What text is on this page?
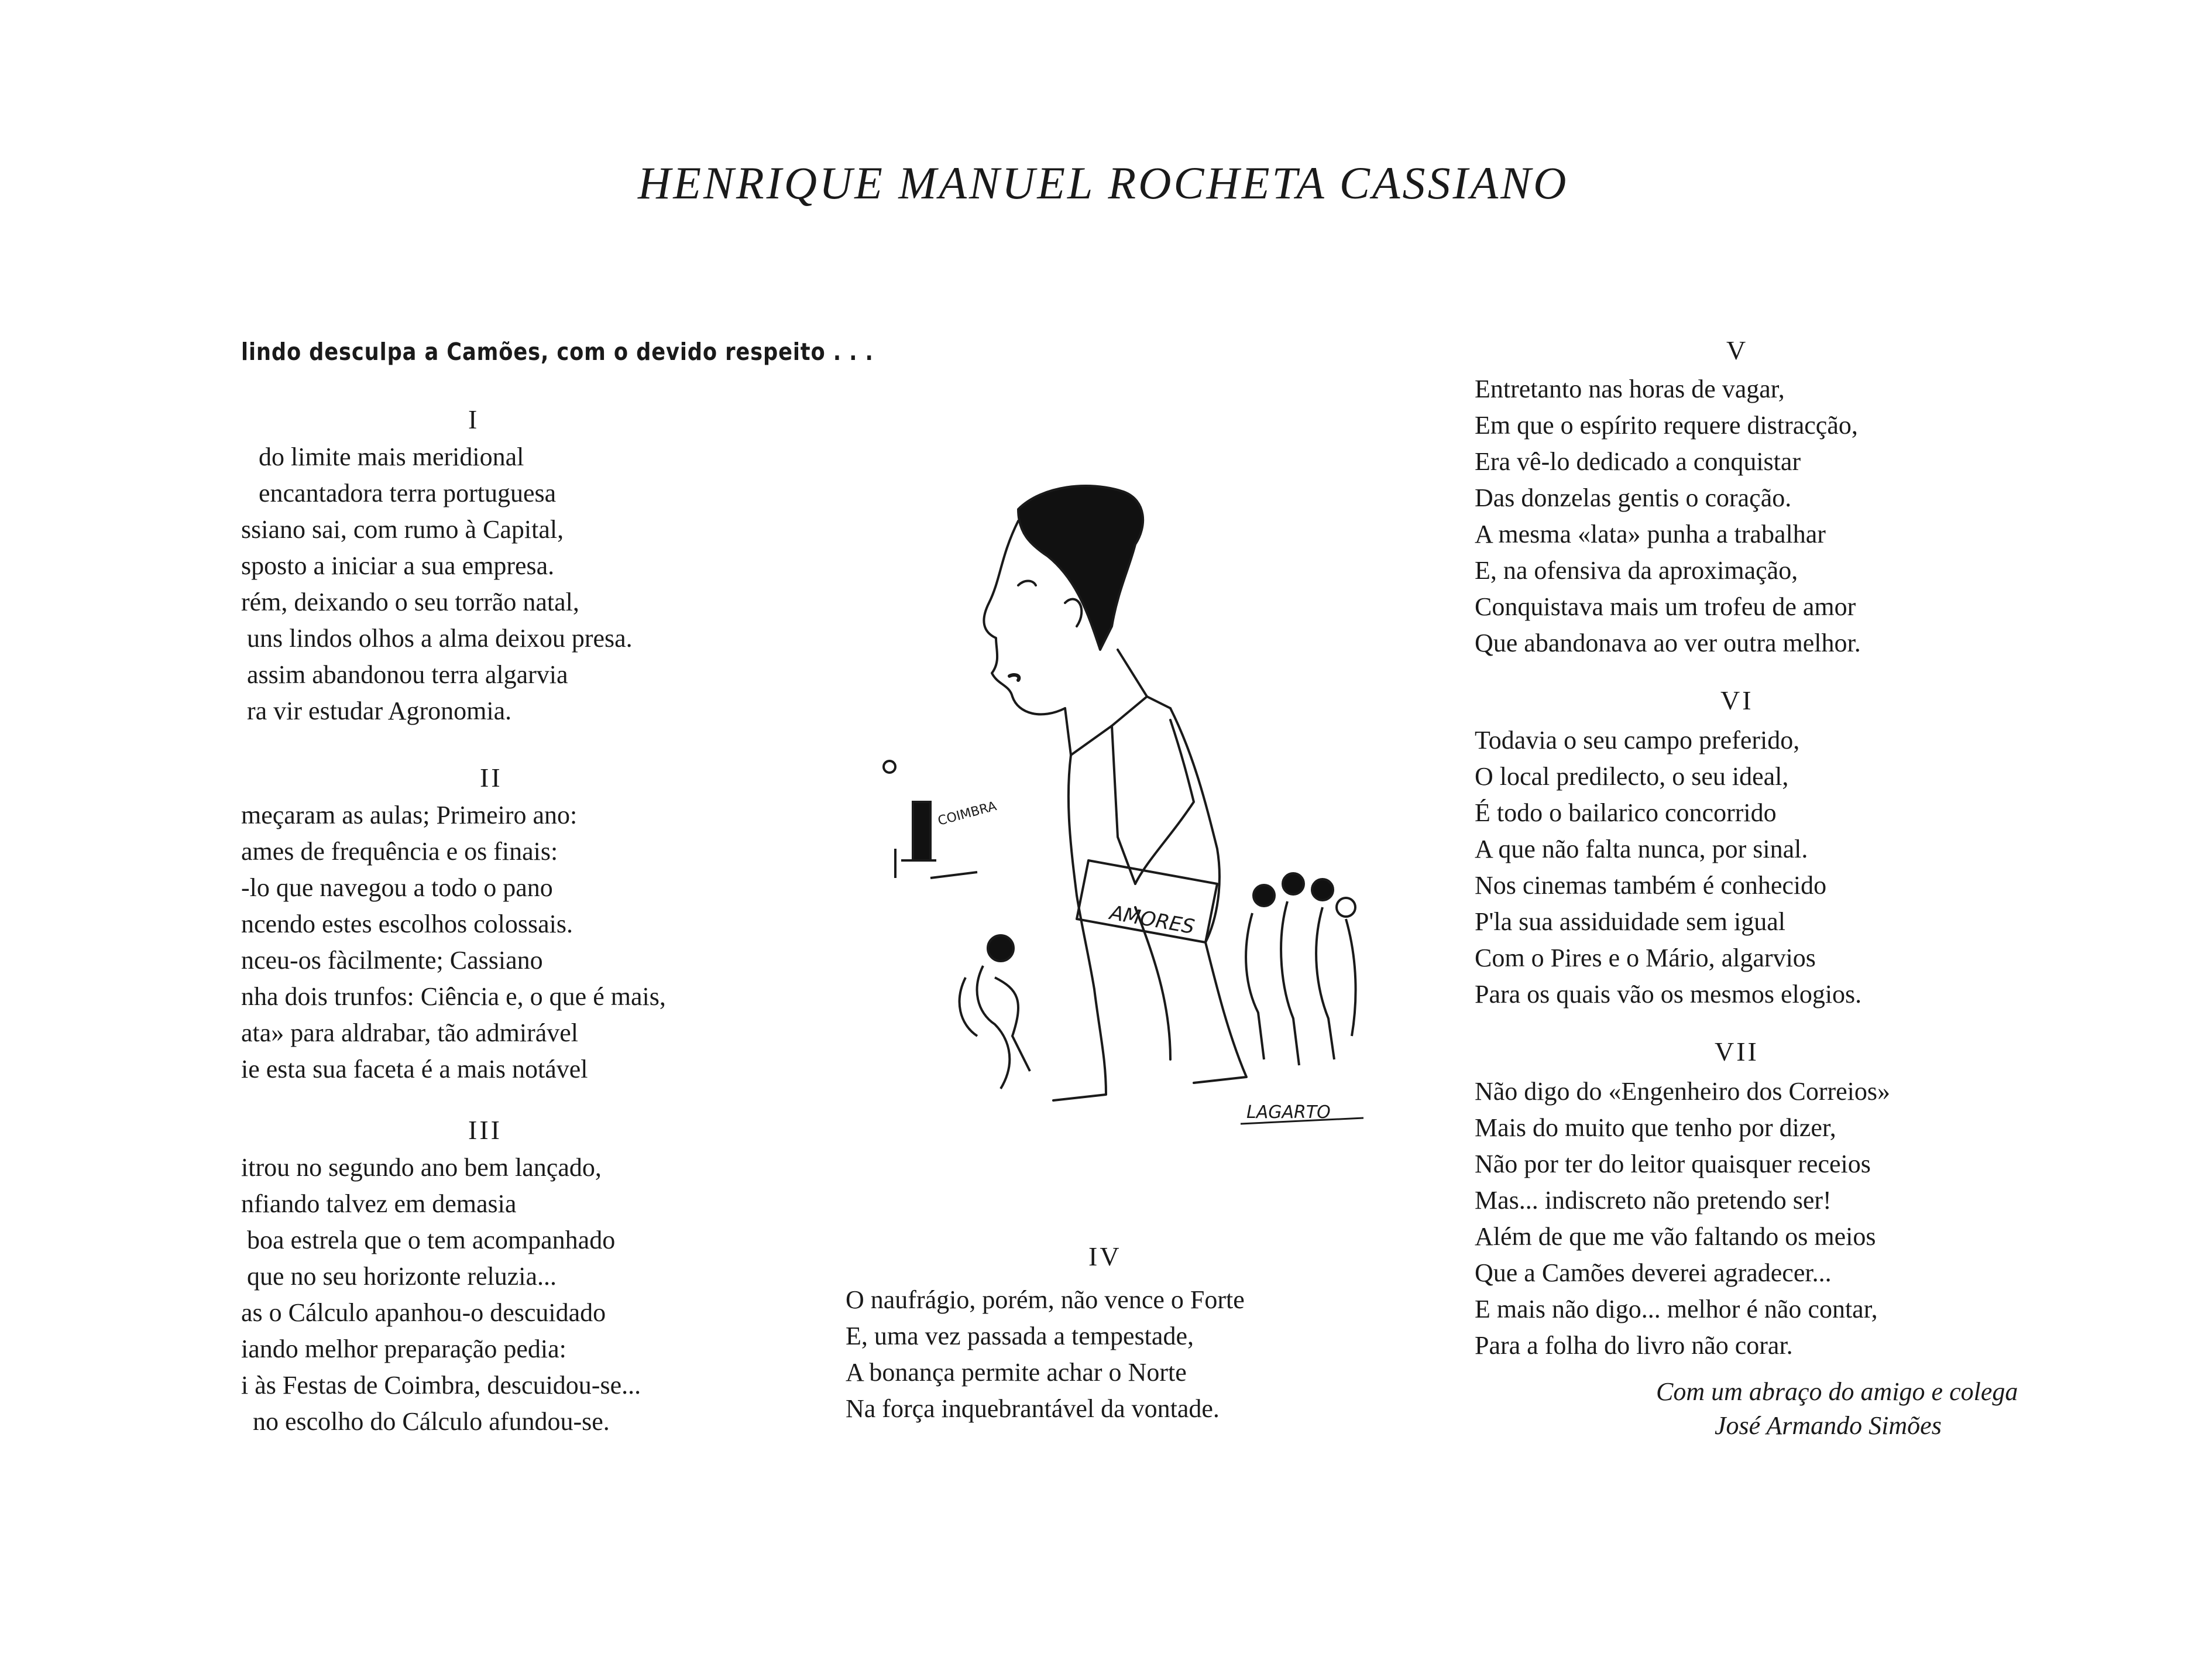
HENRIQUE MANUEL ROCHETA CASSIANO
lindo desculpa a Camões, com o devido respeito . . .
I
do limite mais meridional
encantadora terra portuguesa
ssiano sai, com rumo à Capital,
sposto a iniciar a sua empresa.
rém, deixando o seu torrão natal,
uns lindos olhos a alma deixou presa.
assim abandonou terra algarvia
ra vir estudar Agronomia.
II
meçaram as aulas; Primeiro ano:
ames de frequência e os finais:
-lo que navegou a todo o pano
ncendo estes escolhos colossais.
nceu-os fàcilmente; Cassiano
nha dois trunfos: Ciência e, o que é mais,
ata» para aldrabar, tão admirável
ie esta sua faceta é a mais notável
III
itrou no segundo ano bem lançado,
nfiando talvez em demasia
boa estrela que o tem acompanhado
que no seu horizonte reluzia...
as o Cálculo apanhou-o descuidado
iando melhor preparação pedia:
i às Festas de Coimbra, descuidou-se...
no escolho do Cálculo afundou-se.
AMORES
COIMBRA
LAGARTO
IV
O naufrágio, porém, não vence o Forte
E, uma vez passada a tempestade,
A bonança permite achar o Norte
Na força inquebrantável da vontade.
V
Entretanto nas horas de vagar,
Em que o espírito requere distracção,
Era vê-lo dedicado a conquistar
Das donzelas gentis o coração.
A mesma «lata» punha a trabalhar
E, na ofensiva da aproximação,
Conquistava mais um trofeu de amor
Que abandonava ao ver outra melhor.
VI
Todavia o seu campo preferido,
O local predilecto, o seu ideal,
É todo o bailarico concorrido
A que não falta nunca, por sinal.
Nos cinemas também é conhecido
P'la sua assiduidade sem igual
Com o Pires e o Mário, algarvios
Para os quais vão os mesmos elogios.
VII
Não digo do «Engenheiro dos Correios»
Mais do muito que tenho por dizer,
Não por ter do leitor quaisquer receios
Mas... indiscreto não pretendo ser!
Além de que me vão faltando os meios
Que a Camões deverei agradecer...
E mais não digo... melhor é não contar,
Para a folha do livro não corar.
Com um abraço do amigo e colega
José Armando Simões
